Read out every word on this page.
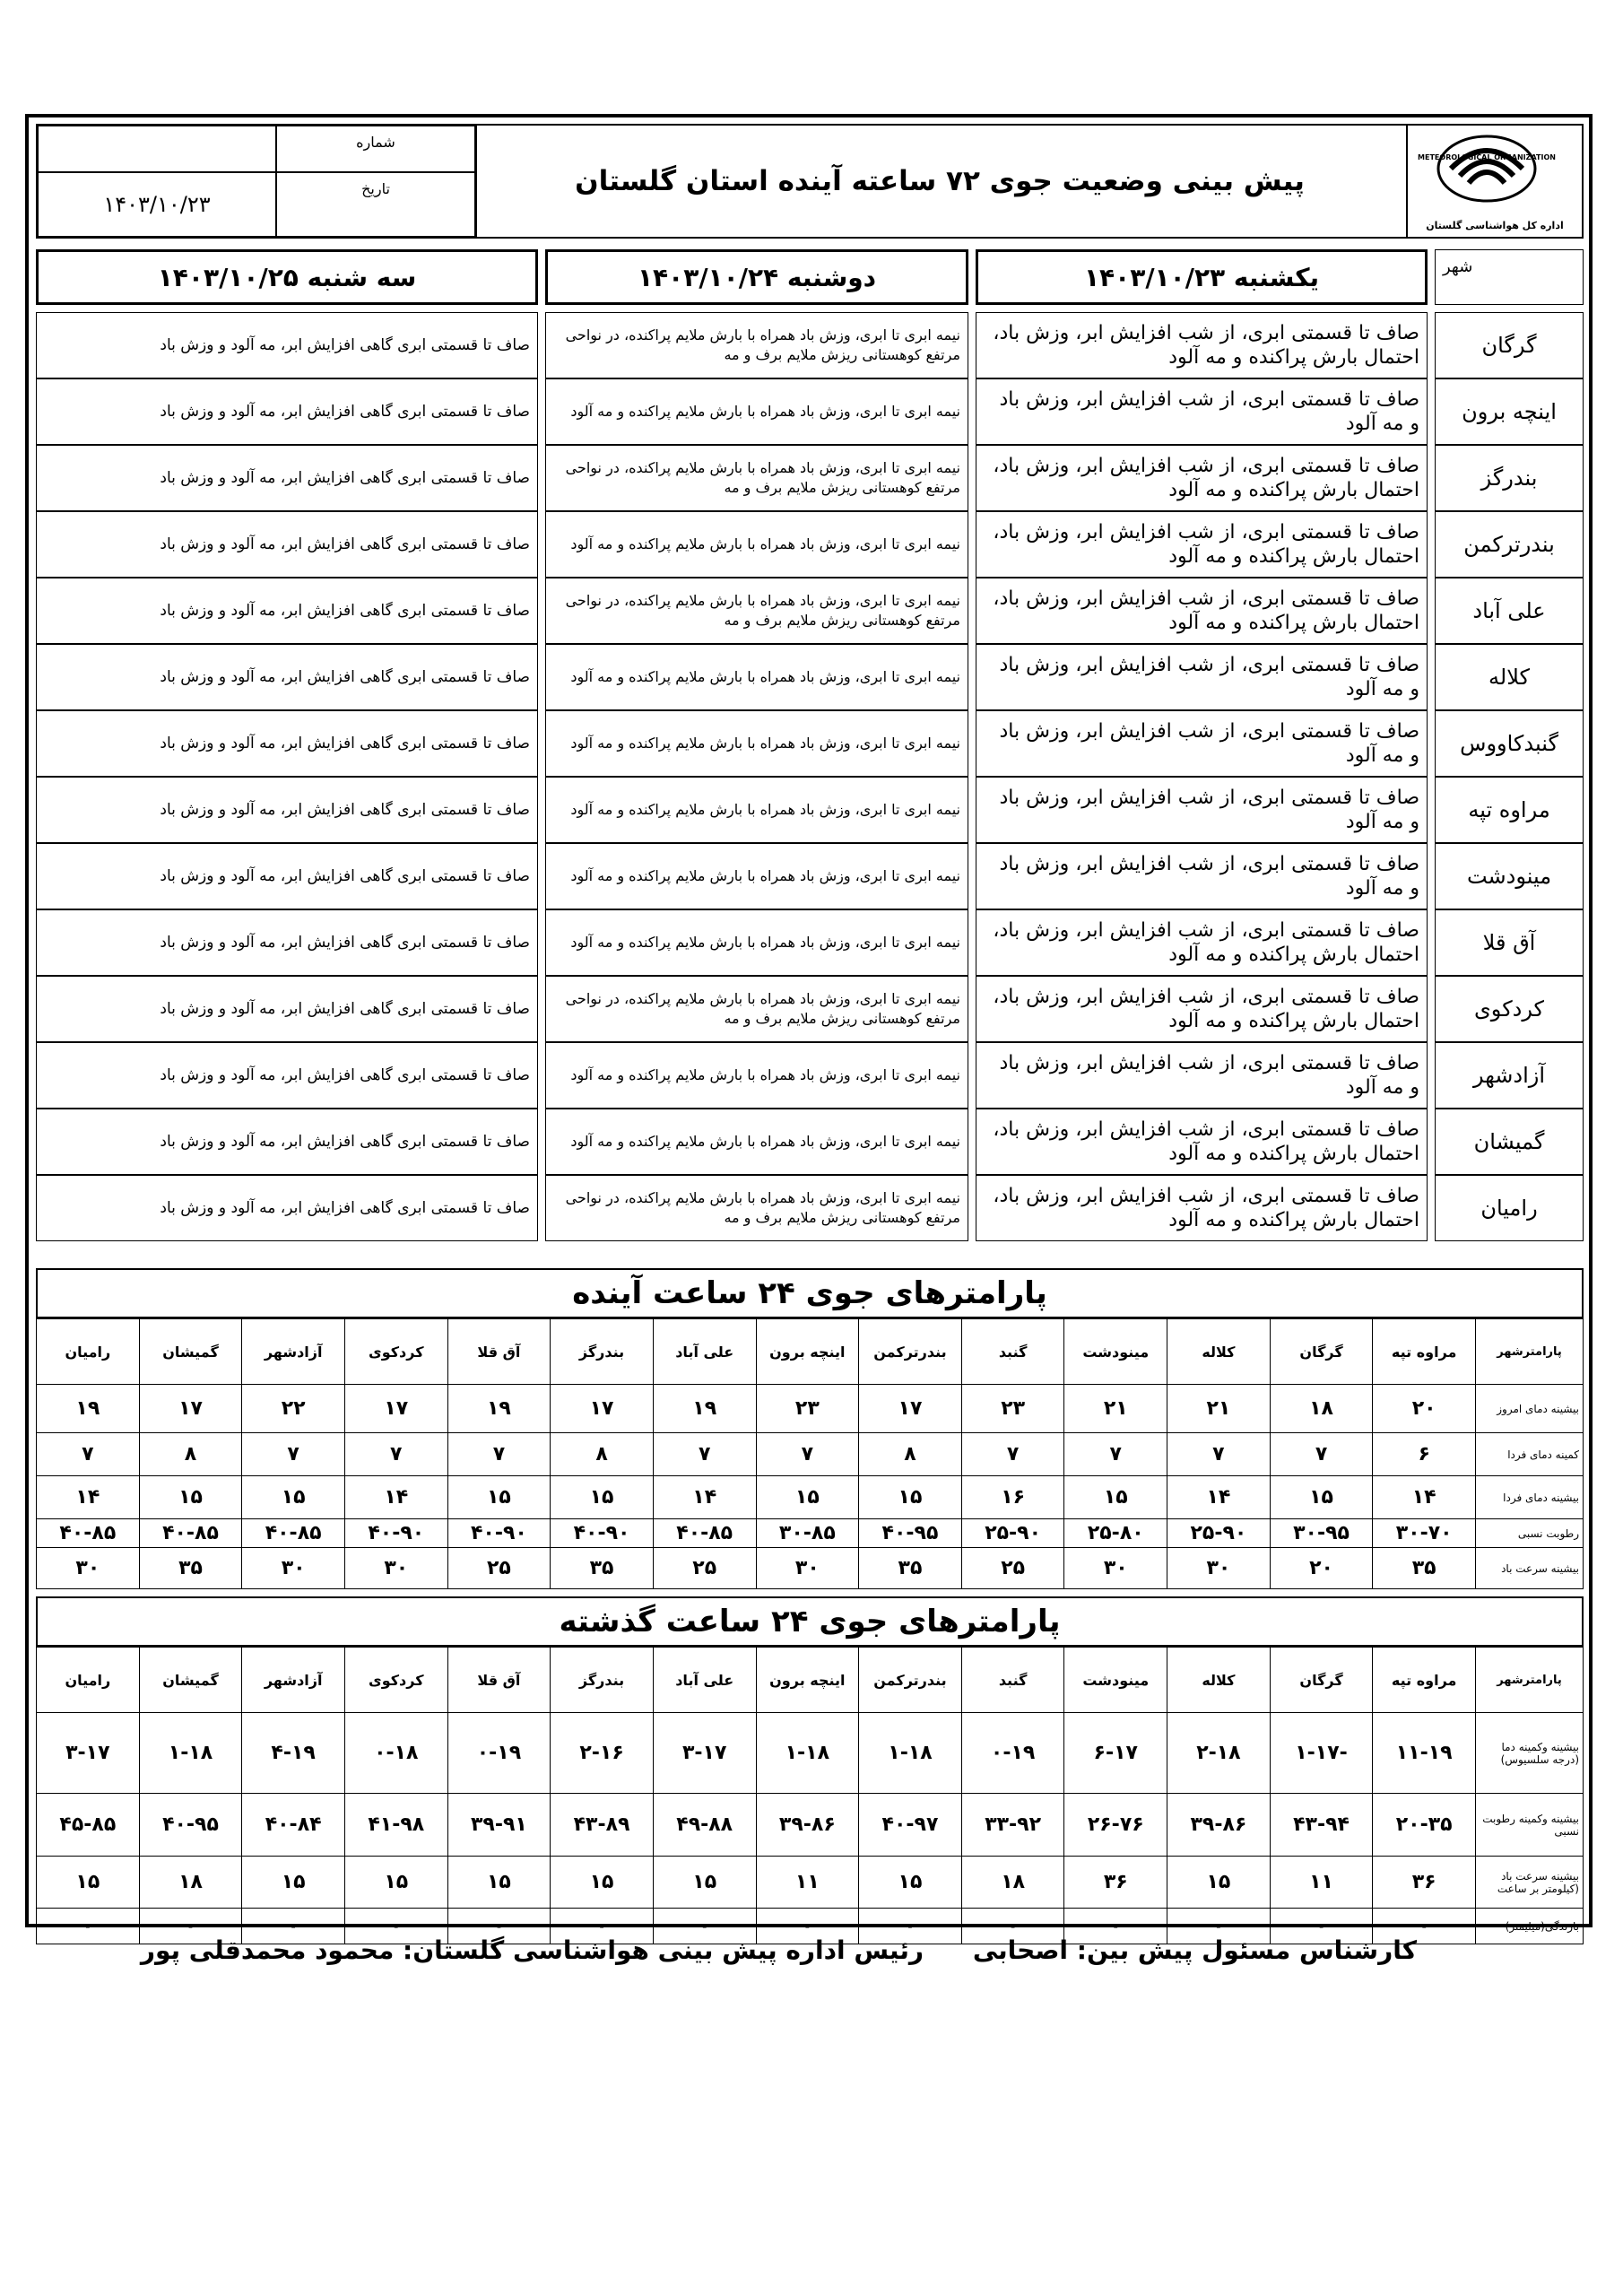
METEOROLOGICAL ORGANIZATION
اداره کل هواشناسی گلستان
پیش بینی وضعیت جوی ۷۲ ساعته آینده استان گلستان
شماره
تاریخ
۱۴۰۳/۱۰/۲۳
شهر
یکشنبه ۱۴۰۳/۱۰/۲۳
دوشنبه ۱۴۰۳/۱۰/۲۴
سه شنبه ۱۴۰۳/۱۰/۲۵
گرگان
صاف تا قسمتی ابری، از شب افزایش ابر، وزش باد، احتمال بارش پراکنده و مه آلود
نیمه ابری تا ابری، وزش باد همراه با بارش ملایم پراکنده، در نواحی مرتفع کوهستانی ریزش ملایم برف و مه
صاف تا قسمتی ابری گاهی افزایش ابر، مه آلود و وزش باد
اینچه برون
صاف تا قسمتی ابری، از شب افزایش ابر، وزش باد و مه آلود
نیمه ابری تا ابری، وزش باد همراه با بارش ملایم پراکنده و مه آلود
صاف تا قسمتی ابری گاهی افزایش ابر، مه آلود و وزش باد
بندرگز
صاف تا قسمتی ابری، از شب افزایش ابر، وزش باد، احتمال بارش پراکنده و مه آلود
نیمه ابری تا ابری، وزش باد همراه با بارش ملایم پراکنده، در نواحی مرتفع کوهستانی ریزش ملایم برف و مه
صاف تا قسمتی ابری گاهی افزایش ابر، مه آلود و وزش باد
بندرترکمن
صاف تا قسمتی ابری، از شب افزایش ابر، وزش باد، احتمال بارش پراکنده و مه آلود
نیمه ابری تا ابری، وزش باد همراه با بارش ملایم پراکنده و مه آلود
صاف تا قسمتی ابری گاهی افزایش ابر، مه آلود و وزش باد
علی آباد
صاف تا قسمتی ابری، از شب افزایش ابر، وزش باد، احتمال بارش پراکنده و مه آلود
نیمه ابری تا ابری، وزش باد همراه با بارش ملایم پراکنده، در نواحی مرتفع کوهستانی ریزش ملایم برف و مه
صاف تا قسمتی ابری گاهی افزایش ابر، مه آلود و وزش باد
کلاله
صاف تا قسمتی ابری، از شب افزایش ابر، وزش باد و مه آلود
نیمه ابری تا ابری، وزش باد همراه با بارش ملایم پراکنده و مه آلود
صاف تا قسمتی ابری گاهی افزایش ابر، مه آلود و وزش باد
گنبدکاووس
صاف تا قسمتی ابری، از شب افزایش ابر، وزش باد و مه آلود
نیمه ابری تا ابری، وزش باد همراه با بارش ملایم پراکنده و مه آلود
صاف تا قسمتی ابری گاهی افزایش ابر، مه آلود و وزش باد
مراوه تپه
صاف تا قسمتی ابری، از شب افزایش ابر، وزش باد و مه آلود
نیمه ابری تا ابری، وزش باد همراه با بارش ملایم پراکنده و مه آلود
صاف تا قسمتی ابری گاهی افزایش ابر، مه آلود و وزش باد
مینودشت
صاف تا قسمتی ابری، از شب افزایش ابر، وزش باد و مه آلود
نیمه ابری تا ابری، وزش باد همراه با بارش ملایم پراکنده و مه آلود
صاف تا قسمتی ابری گاهی افزایش ابر، مه آلود و وزش باد
آق قلا
صاف تا قسمتی ابری، از شب افزایش ابر، وزش باد، احتمال بارش پراکنده و مه آلود
نیمه ابری تا ابری، وزش باد همراه با بارش ملایم پراکنده و مه آلود
صاف تا قسمتی ابری گاهی افزایش ابر، مه آلود و وزش باد
کردکوی
صاف تا قسمتی ابری، از شب افزایش ابر، وزش باد، احتمال بارش پراکنده و مه آلود
نیمه ابری تا ابری، وزش باد همراه با بارش ملایم پراکنده، در نواحی مرتفع کوهستانی ریزش ملایم برف و مه
صاف تا قسمتی ابری گاهی افزایش ابر، مه آلود و وزش باد
آزادشهر
صاف تا قسمتی ابری، از شب افزایش ابر، وزش باد و مه آلود
نیمه ابری تا ابری، وزش باد همراه با بارش ملایم پراکنده و مه آلود
صاف تا قسمتی ابری گاهی افزایش ابر، مه آلود و وزش باد
گمیشان
صاف تا قسمتی ابری، از شب افزایش ابر، وزش باد، احتمال بارش پراکنده و مه آلود
نیمه ابری تا ابری، وزش باد همراه با بارش ملایم پراکنده و مه آلود
صاف تا قسمتی ابری گاهی افزایش ابر، مه آلود و وزش باد
رامیان
صاف تا قسمتی ابری، از شب افزایش ابر، وزش باد، احتمال بارش پراکنده و مه آلود
نیمه ابری تا ابری، وزش باد همراه با بارش ملایم پراکنده، در نواحی مرتفع کوهستانی ریزش ملایم برف و مه
صاف تا قسمتی ابری گاهی افزایش ابر، مه آلود و وزش باد
پارامترهای جوی ۲۴ ساعت آینده
پارامترشهر	مراوه تپه	گرگان	کلاله	مینودشت	گنبد	بندرترکمن	اینچه برون	علی آباد	بندرگز	آق قلا	کردکوی	آزادشهر	گمیشان	رامیان
بیشینه دمای امروز	۲۰	۱۸	۲۱	۲۱	۲۳	۱۷	۲۳	۱۹	۱۷	۱۹	۱۷	۲۲	۱۷	۱۹
کمینه دمای فردا	۶	۷	۷	۷	۷	۸	۷	۷	۸	۷	۷	۷	۸	۷
بیشینه دمای فردا	۱۴	۱۵	۱۴	۱۵	۱۶	۱۵	۱۵	۱۴	۱۵	۱۵	۱۴	۱۵	۱۵	۱۴
رطوبت نسبی	۳۰-۷۰	۳۰-۹۵	۲۵-۹۰	۲۵-۸۰	۲۵-۹۰	۴۰-۹۵	۳۰-۸۵	۴۰-۸۵	۴۰-۹۰	۴۰-۹۰	۴۰-۹۰	۴۰-۸۵	۴۰-۸۵	۴۰-۸۵
بیشینه سرعت باد	۳۵	۲۰	۳۰	۳۰	۲۵	۳۵	۳۰	۲۵	۳۵	۲۵	۳۰	۳۰	۳۵	۳۰
پارامترهای جوی ۲۴ ساعت گذشته
پارامترشهر	مراوه تپه	گرگان	کلاله	مینودشت	گنبد	بندرترکمن	اینچه برون	علی آباد	بندرگز	آق قلا	کردکوی	آزادشهر	گمیشان	رامیان
بیشینه وکمینه دما (درجه سلسیوس)	۱۱-۱۹	-۱-۱۷	۲-۱۸	۶-۱۷	۰-۱۹	۱-۱۸	۱-۱۸	۳-۱۷	۲-۱۶	۰-۱۹	۰-۱۸	۴-۱۹	۱-۱۸	۳-۱۷
بیشینه وکمینه رطوبت نسبی	۲۰-۳۵	۴۳-۹۴	۳۹-۸۶	۲۶-۷۶	۳۳-۹۲	۴۰-۹۷	۳۹-۸۶	۴۹-۸۸	۴۳-۸۹	۳۹-۹۱	۴۱-۹۸	۴۰-۸۴	۴۰-۹۵	۴۵-۸۵
بیشینه سرعت باد (کیلومتر بر ساعت	۳۶	۱۱	۱۵	۳۶	۱۸	۱۵	۱۱	۱۵	۱۵	۱۵	۱۵	۱۵	۱۸	۱۵
بارندگی(میلیمتر)	۰	۰	۰	۰	۰	۰	۰	۰	۰	۰	۰	۰	۰	۰
کارشناس مسئول پیش بین: اصحابی
رئیس اداره پیش بینی هواشناسی گلستان: محمود محمدقلی پور
